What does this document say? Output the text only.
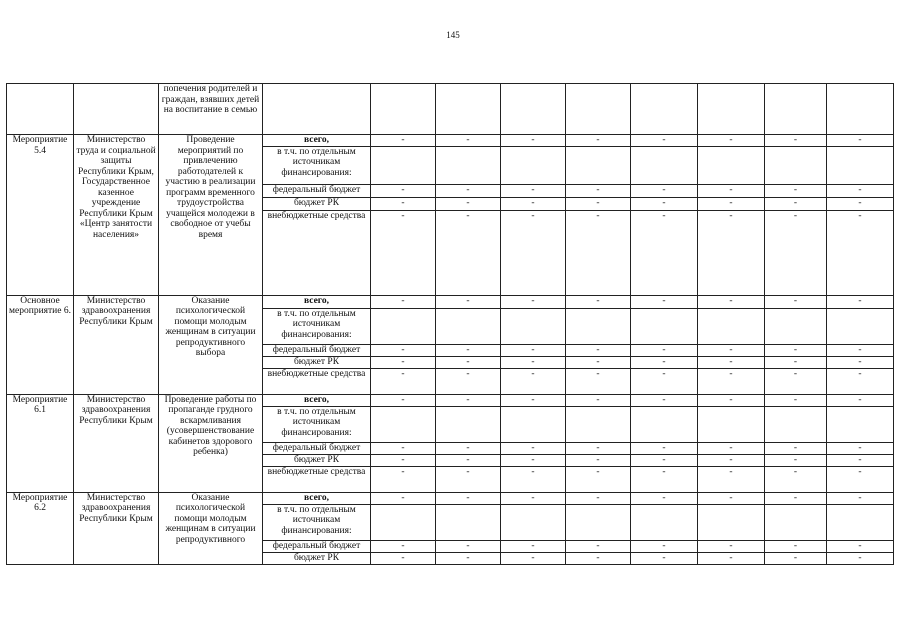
145
		попечения родителей и граждан, взявших детей на воспитание в семью									
Мероприятие 5.4	Министерство труда и социальной защиты Республики Крым, Государственное казенное учреждение Республики Крым «Центр занятости населения»	Проведение мероприятий по привлечению работодателей к участию в реализации программ временного трудоустройства учащейся молодежи в свободное от учебы время	всего,	-	-	-	-	-	-	-	-
			в т.ч. по отдельным источникам финансирования:								
			федеральный бюджет	-	-	-	-	-	-	-	-
			бюджет РК	-	-	-	-	-	-	-	-
			внебюджетные средства	-	-	-	-	-	-	-	-
Основное мероприятие 6.	Министерство здравоохранения Республики Крым	Оказание психологической помощи молодым женщинам в ситуации репродуктивного выбора	всего,	-	-	-	-	-	-	-	-
			в т.ч. по отдельным источникам финансирования:								
			федеральный бюджет	-	-	-	-	-	-	-	-
			бюджет РК	-	-	-	-	-	-	-	-
			внебюджетные средства	-	-	-	-	-	-	-	-
Мероприятие 6.1	Министерство здравоохранения Республики Крым	Проведение работы по пропаганде грудного вскармливания (усовершенствование кабинетов здорового ребенка)	всего,	-	-	-	-	-	-	-	-
			в т.ч. по отдельным источникам финансирования:								
			федеральный бюджет	-	-	-	-	-	-	-	-
			бюджет РК	-	-	-	-	-	-	-	-
			внебюджетные средства	-	-	-	-	-	-	-	-
Мероприятие 6.2	Министерство здравоохранения Республики Крым	Оказание психологической помощи молодым женщинам в ситуации репродуктивного	всего,	-	-	-	-	-	-	-	-
			в т.ч. по отдельным источникам финансирования:								
			федеральный бюджет	-	-	-	-	-	-	-	-
			бюджет РК	-	-	-	-	-	-	-	-
